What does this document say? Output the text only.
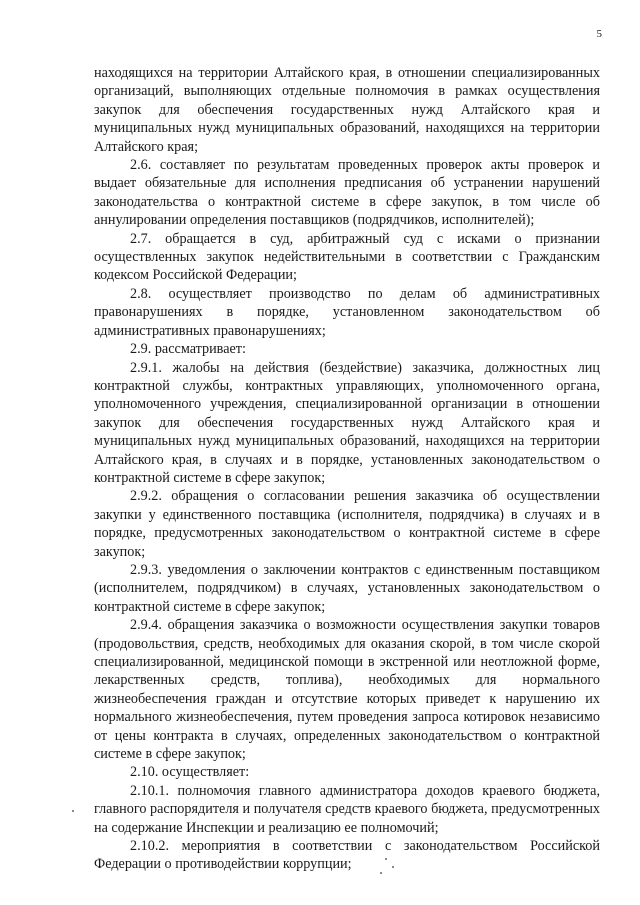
5

находящихся на территории Алтайского края, в отношении специализированных организаций, выполняющих отдельные полномочия в рамках осуществления закупок для обеспечения государственных нужд Алтайского края и муниципальных нужд муниципальных образований, находящихся на территории Алтайского края;

2.6. составляет по результатам проведенных проверок акты проверок и выдает обязательные для исполнения предписания об устранении нарушений законодательства о контрактной системе в сфере закупок, в том числе об аннулировании определения поставщиков (подрядчиков, исполнителей);

2.7. обращается в суд, арбитражный суд с исками о признании осуществленных закупок недействительными в соответствии с Гражданским кодексом Российской Федерации;

2.8. осуществляет производство по делам об административных правонарушениях в порядке, установленном законодательством об административных правонарушениях;

2.9. рассматривает:

2.9.1. жалобы на действия (бездействие) заказчика, должностных лиц контрактной службы, контрактных управляющих, уполномоченного органа, уполномоченного учреждения, специализированной организации в отношении закупок для обеспечения государственных нужд Алтайского края и муниципальных нужд муниципальных образований, находящихся на территории Алтайского края, в случаях и в порядке, установленных законодательством о контрактной системе в сфере закупок;

2.9.2. обращения о согласовании решения заказчика об осуществлении закупки у единственного поставщика (исполнителя, подрядчика) в случаях и в порядке, предусмотренных законодательством о контрактной системе в сфере закупок;

2.9.3. уведомления о заключении контрактов с единственным поставщиком (исполнителем, подрядчиком) в случаях, установленных законодательством о контрактной системе в сфере закупок;

2.9.4. обращения заказчика о возможности осуществления закупки товаров (продовольствия, средств, необходимых для оказания скорой, в том числе скорой специализированной, медицинской помощи в экстренной или неотложной форме, лекарственных средств, топлива), необходимых для нормального жизнеобеспечения граждан и отсутствие которых приведет к нарушению их нормального жизнеобеспечения, путем проведения запроса котировок независимо от цены контракта в случаях, определенных законодательством о контрактной системе в сфере закупок;

2.10. осуществляет:

2.10.1. полномочия главного администратора доходов краевого бюджета, главного распорядителя и получателя средств краевого бюджета, предусмотренных на содержание Инспекции и реализацию ее полномочий;

2.10.2. мероприятия в соответствии с законодательством Российской Федерации о противодействии коррупции;
